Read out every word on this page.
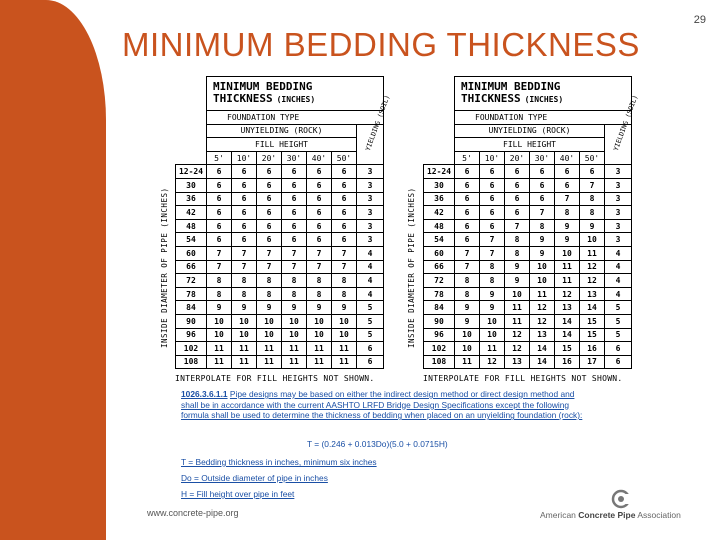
29
MINIMUM BEDDING THICKNESS

	MINIMUM BEDDING
THICKNESS (INCHES)						

	FOUNDATION TYPE						
	UNYIELDING (ROCK)						YIELDING (SOIL)

	FILL HEIGHT						
	5'	10'	20'	30'	40'	50'	
12-24	6	6	6	6	6	6	3
30	6	6	6	6	6	6	3
36	6	6	6	6	6	6	3
42	6	6	6	6	6	6	3
48	6	6	6	6	6	6	3
54	6	6	6	6	6	6	3
60	7	7	7	7	7	7	4
66	7	7	7	7	7	7	4
72	8	8	8	8	8	8	4
78	8	8	8	8	8	8	4
84	9	9	9	9	9	9	5
90	10	10	10	10	10	10	5
96	10	10	10	10	10	10	5
102	11	11	11	11	11	11	6
108	11	11	11	11	11	11	6
INSIDE DIAMETER OF PIPE (INCHES)
INTERPOLATE FOR FILL HEIGHTS NOT SHOWN.

	MINIMUM BEDDING
THICKNESS (INCHES)						

	FOUNDATION TYPE						
	UNYIELDING (ROCK)						YIELDING (SOIL)

	FILL HEIGHT						
	5'	10'	20'	30'	40'	50'	
12-24	6	6	6	6	6	6	3
30	6	6	6	6	6	7	3
36	6	6	6	6	7	8	3
42	6	6	6	7	8	8	3
48	6	6	7	8	9	9	3
54	6	7	8	9	9	10	3
60	7	7	8	9	10	11	4
66	7	8	9	10	11	12	4
72	8	8	9	10	11	12	4
78	8	9	10	11	12	13	4
84	9	9	11	12	13	14	5
90	9	10	11	12	14	15	5
96	10	10	12	13	14	15	5
102	10	11	12	14	15	16	6
108	11	12	13	14	16	17	6
INSIDE DIAMETER OF PIPE (INCHES)
INTERPOLATE FOR FILL HEIGHTS NOT SHOWN.

1026.3.6.1.1 Pipe designs may be based on either the indirect design method or direct design method and shall be in accordance with the current AASHTO LRFD Bridge Design Specifications except the following formula shall be used to determine the thickness of bedding when placed on an unyielding foundation (rock):

T = (0.246 + 0.013Do)(5.0 + 0.0715H)
T = Bedding thickness in inches, minimum six inches
Do = Outside diameter of pipe in inches
H = Fill height over pipe in feet
www.concrete-pipe.org	American Concrete Pipe Association
